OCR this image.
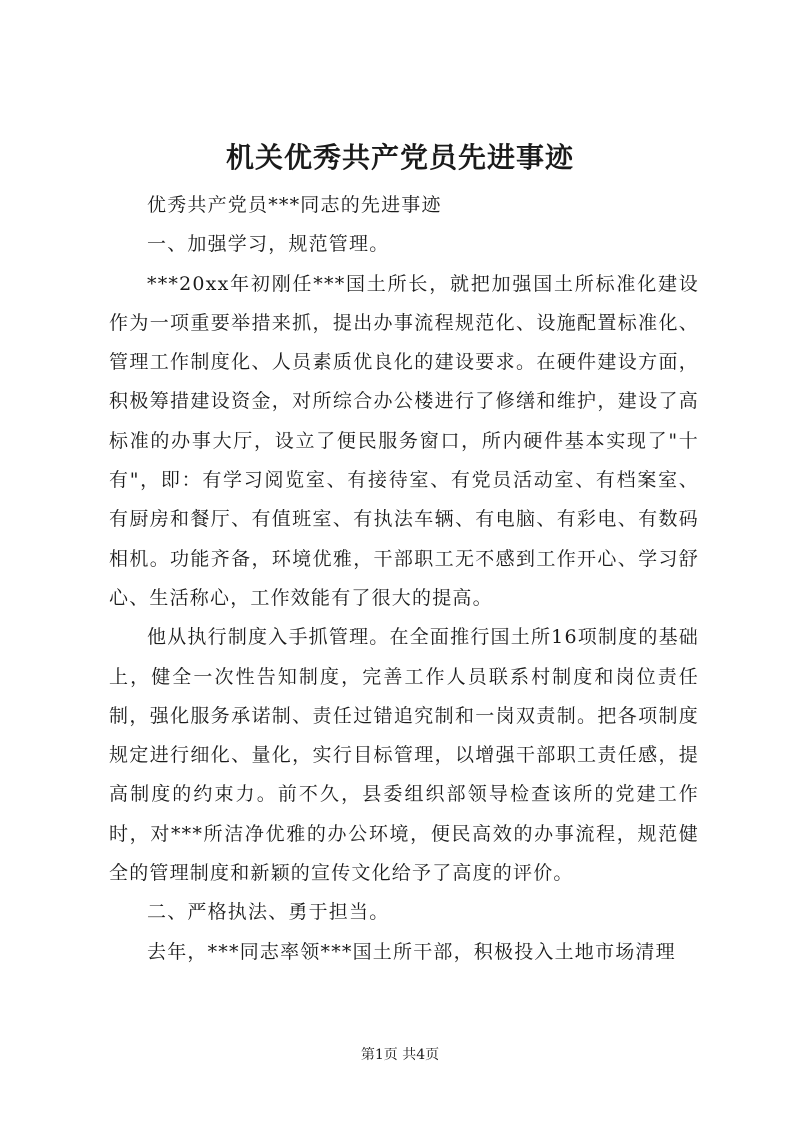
机关优秀共产党员先进事迹

优秀共产党员***同志的先进事迹

一、加强学习，规范管理。

***20xx年初刚任***国土所长，就把加强国土所标准化建设作为一项重要举措来抓，提出办事流程规范化、设施配置标准化、管理工作制度化、人员素质优良化的建设要求。在硬件建设方面，积极筹措建设资金，对所综合办公楼进行了修缮和维护，建设了高标准的办事大厅，设立了便民服务窗口，所内硬件基本实现了"十有"，即：有学习阅览室、有接待室、有党员活动室、有档案室、有厨房和餐厅、有值班室、有执法车辆、有电脑、有彩电、有数码相机。功能齐备，环境优雅，干部职工无不感到工作开心、学习舒心、生活称心，工作效能有了很大的提高。

他从执行制度入手抓管理。在全面推行国土所16项制度的基础上，健全一次性告知制度，完善工作人员联系村制度和岗位责任制，强化服务承诺制、责任过错追究制和一岗双责制。把各项制度规定进行细化、量化，实行目标管理，以增强干部职工责任感，提高制度的约束力。前不久，县委组织部领导检查该所的党建工作时，对***所洁净优雅的办公环境，便民高效的办事流程，规范健全的管理制度和新颖的宣传文化给予了高度的评价。

二、严格执法、勇于担当。

去年，***同志率领***国土所干部，积极投入土地市场清理

第1页 共4页
